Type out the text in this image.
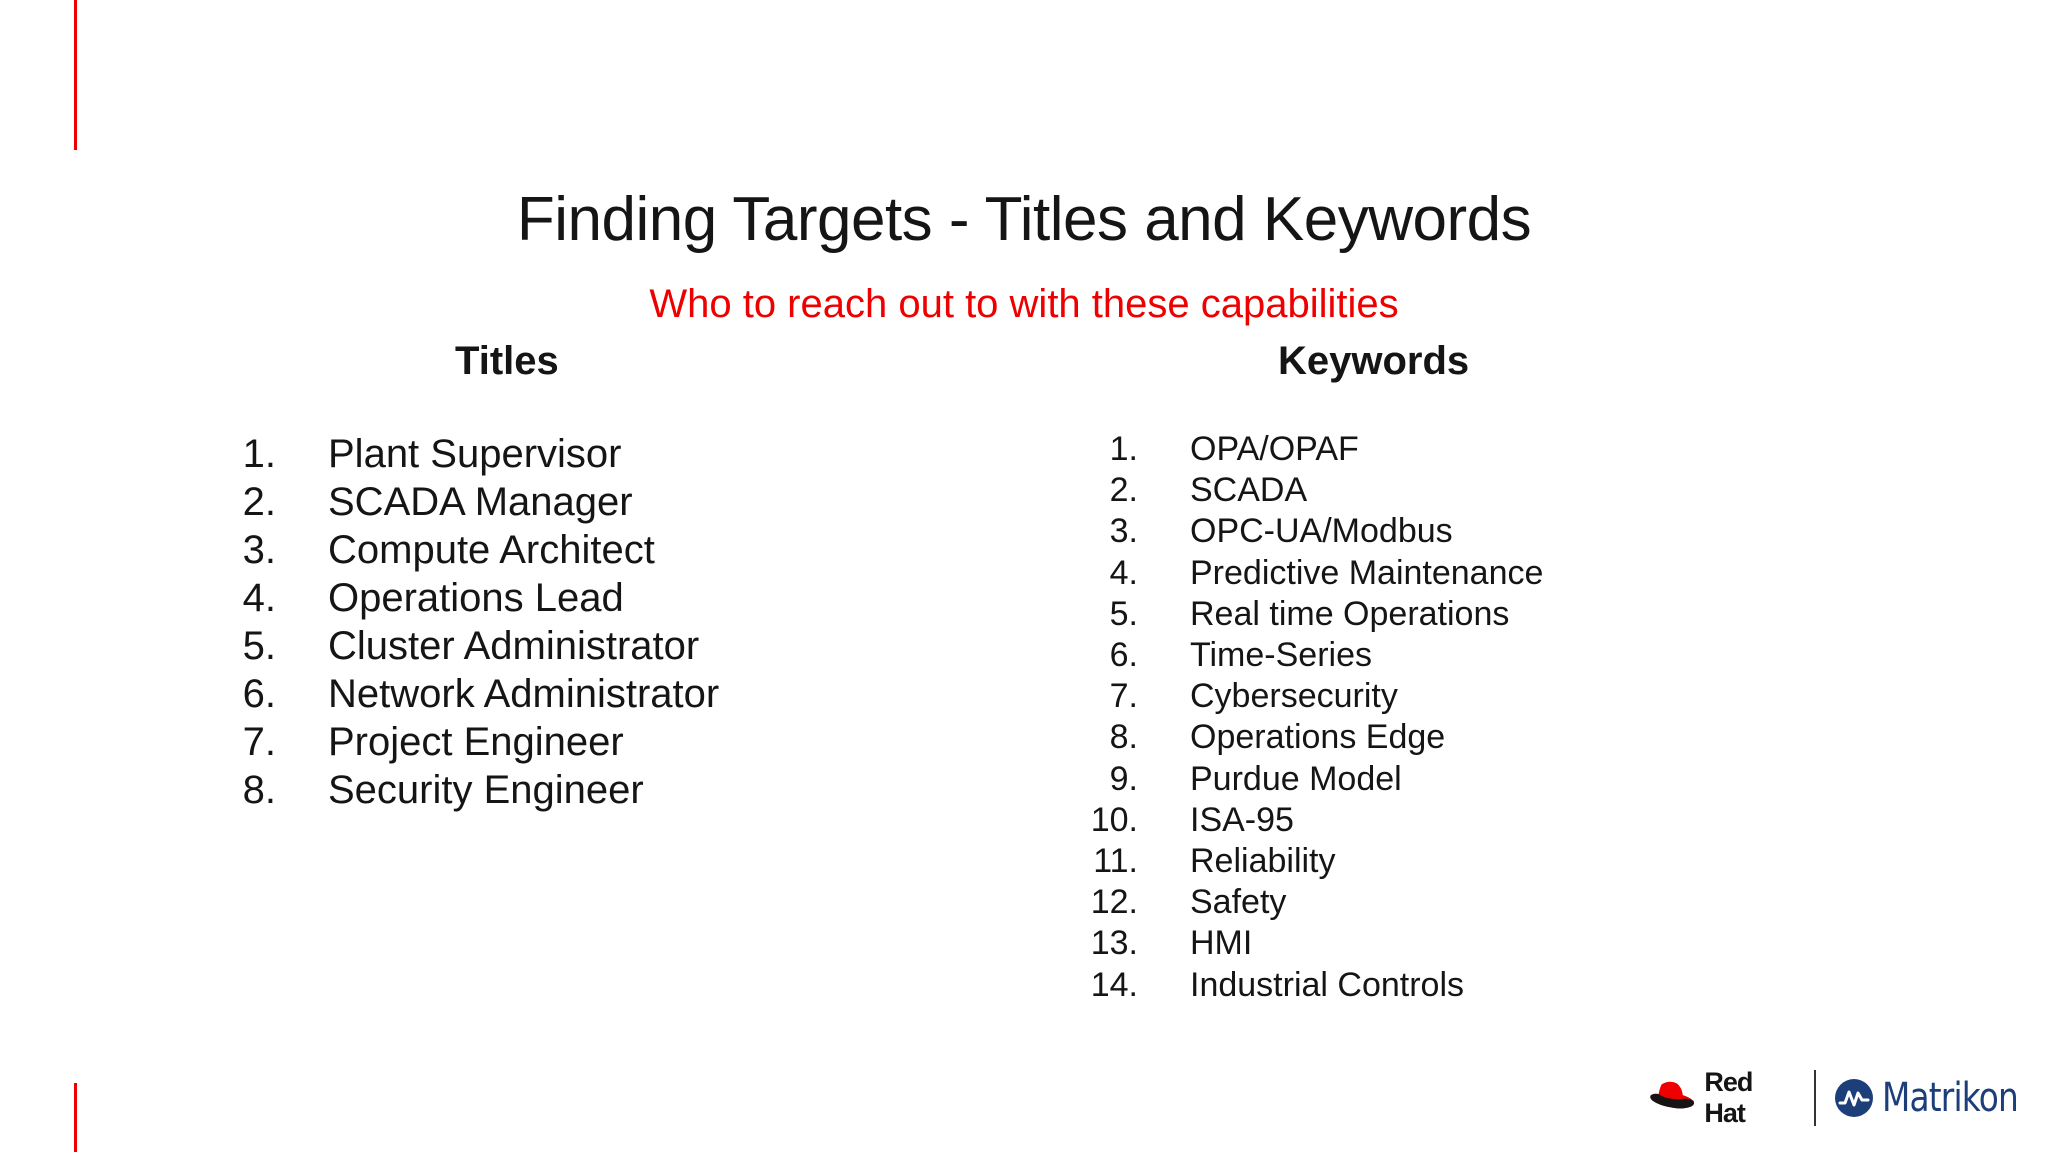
Finding Targets - Titles and Keywords
Who to reach out to with these capabilities
Titles	Keywords
1. Plant Supervisor
2. SCADA Manager
3. Compute Architect
4. Operations Lead
5. Cluster Administrator
6. Network Administrator
7. Project Engineer
8. Security Engineer
1. OPA/OPAF
2. SCADA
3. OPC-UA/Modbus
4. Predictive Maintenance
5. Real time Operations
6. Time-Series
7. Cybersecurity
8. Operations Edge
9. Purdue Model
10. ISA-95
11. Reliability
12. Safety
13. HMI
14. Industrial Controls
Red Hat	Matrikon
